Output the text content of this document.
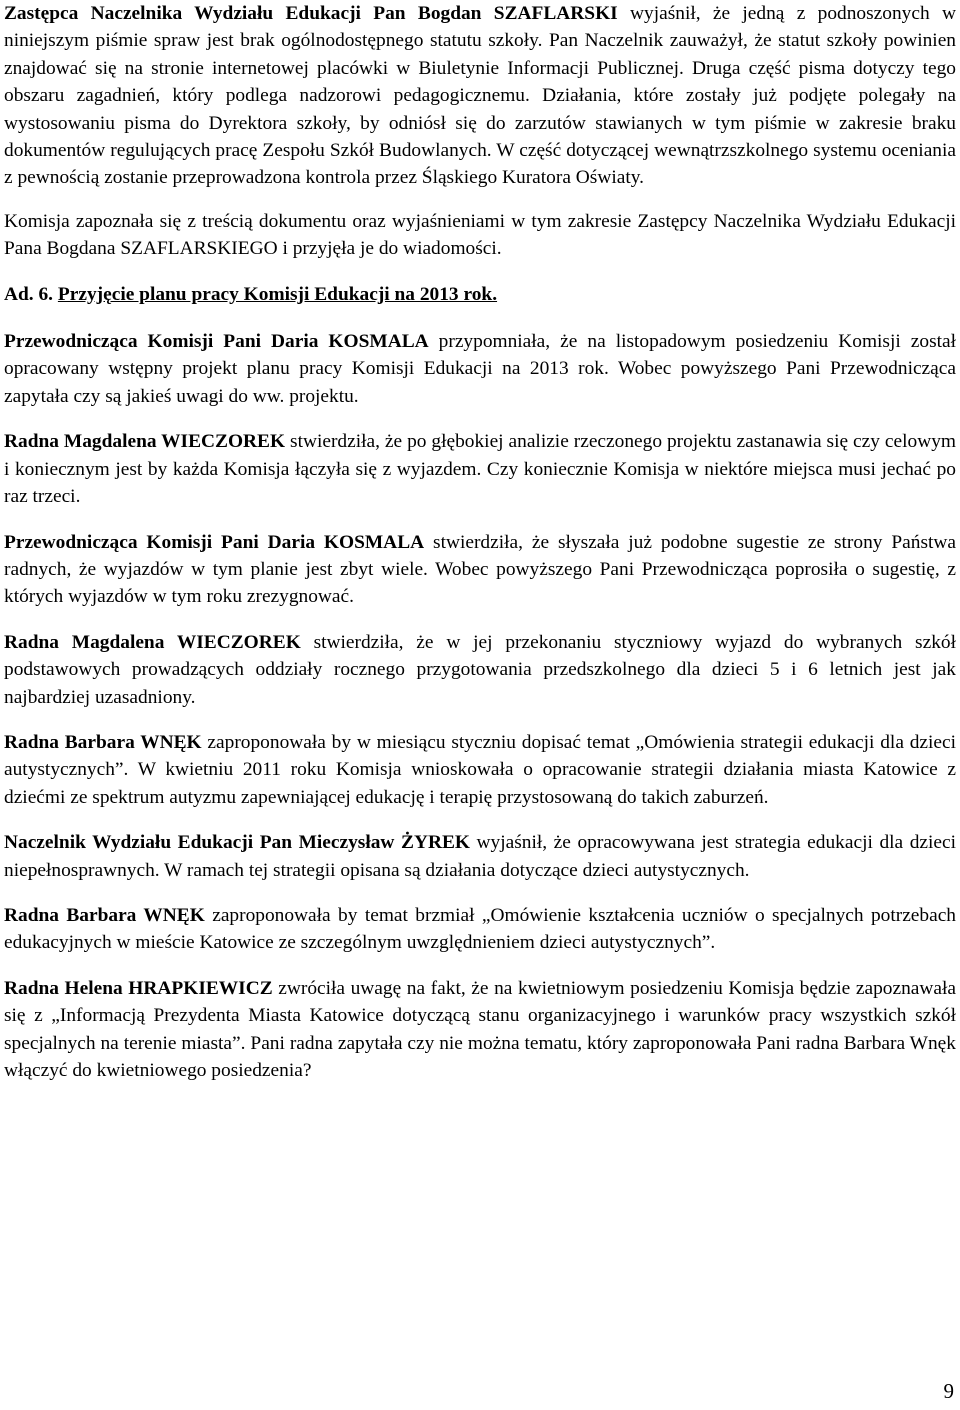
Zastępca Naczelnika Wydziału Edukacji Pan Bogdan SZAFLARSKI wyjaśnił, że jedną z podnoszonych w niniejszym piśmie spraw jest brak ogólnodostępnego statutu szkoły. Pan Naczelnik zauważył, że statut szkoły powinien znajdować się na stronie internetowej placówki w Biuletynie Informacji Publicznej. Druga część pisma dotyczy tego obszaru zagadnień, który podlega nadzorowi pedagogicznemu. Działania, które zostały już podjęte polegały na wystosowaniu pisma do Dyrektora szkoły, by odniósł się do zarzutów stawianych w tym piśmie w zakresie braku dokumentów regulujących pracę Zespołu Szkół Budowlanych. W część dotyczącej wewnątrzszkolnego systemu oceniania z pewnością zostanie przeprowadzona kontrola przez Śląskiego Kuratora Oświaty.

Komisja zapoznała się z treścią dokumentu oraz wyjaśnieniami w tym zakresie Zastępcy Naczelnika Wydziału Edukacji Pana Bogdana SZAFLARSKIEGO i przyjęła je do wiadomości.

Ad. 6. Przyjęcie planu pracy Komisji Edukacji na 2013 rok.

Przewodnicząca Komisji Pani Daria KOSMALA przypomniała, że na listopadowym posiedzeniu Komisji został opracowany wstępny projekt planu pracy Komisji Edukacji na 2013 rok. Wobec powyższego Pani Przewodnicząca zapytała czy są jakieś uwagi do ww. projektu.

Radna Magdalena WIECZOREK stwierdziła, że po głębokiej analizie rzeczonego projektu zastanawia się czy celowym i koniecznym jest by każda Komisja łączyła się z wyjazdem. Czy koniecznie Komisja w niektóre miejsca musi jechać po raz trzeci.

Przewodnicząca Komisji Pani Daria KOSMALA stwierdziła, że słyszała już podobne sugestie ze strony Państwa radnych, że wyjazdów w tym planie jest zbyt wiele. Wobec powyższego Pani Przewodnicząca poprosiła o sugestię, z których wyjazdów w tym roku zrezygnować.

Radna Magdalena WIECZOREK stwierdziła, że w jej przekonaniu styczniowy wyjazd do wybranych szkół podstawowych prowadzących oddziały rocznego przygotowania przedszkolnego dla dzieci 5 i 6 letnich jest jak najbardziej uzasadniony.

Radna Barbara WNĘK zaproponowała by w miesiącu styczniu dopisać temat „Omówienia strategii edukacji dla dzieci autystycznych”. W kwietniu 2011 roku Komisja wnioskowała o opracowanie strategii działania miasta Katowice z dziećmi ze spektrum autyzmu zapewniającej edukację i terapię przystosowaną do takich zaburzeń.

Naczelnik Wydziału Edukacji Pan Mieczysław ŻYREK wyjaśnił, że opracowywana jest strategia edukacji dla dzieci niepełnosprawnych. W ramach tej strategii opisana są działania dotyczące dzieci autystycznych.

Radna Barbara WNĘK zaproponowała by temat brzmiał „Omówienie kształcenia uczniów o specjalnych potrzebach edukacyjnych w mieście Katowice ze szczególnym uwzględnieniem dzieci autystycznych”.

Radna Helena HRAPKIEWICZ zwróciła uwagę na fakt, że na kwietniowym posiedzeniu Komisja będzie zapoznawała się z „Informacją Prezydenta Miasta Katowice dotyczącą stanu organizacyjnego i warunków pracy wszystkich szkół specjalnych na terenie miasta”. Pani radna zapytała czy nie można tematu, który zaproponowała Pani radna Barbara Wnęk włączyć do kwietniowego posiedzenia?

9
